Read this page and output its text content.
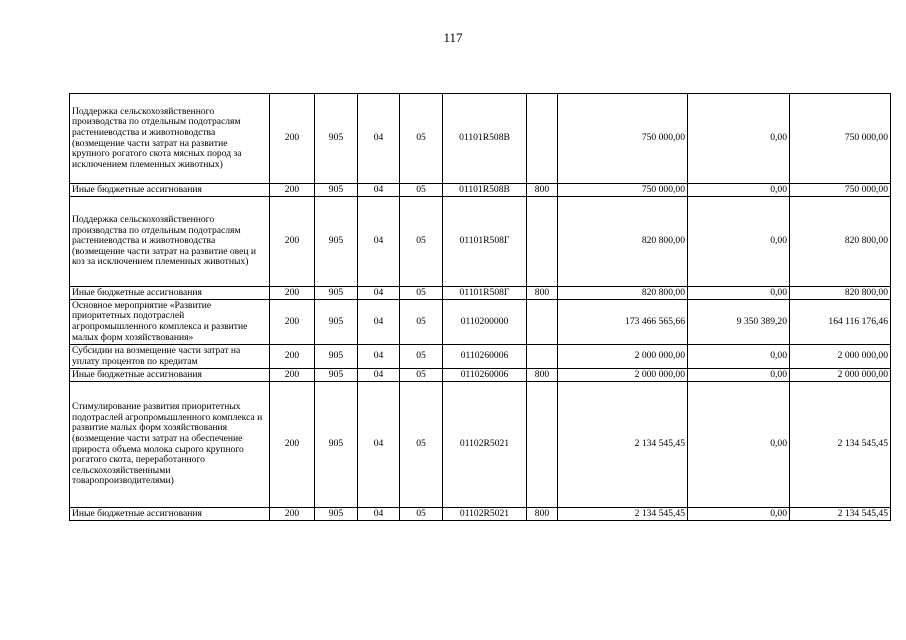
117
Поддержка сельскохозяйственного производства по отдельным подотраслям растениеводства и животноводства (возмещение части затрат на развитие крупного рогатого скота мясных пород за исключением племенных животных)	200	905	04	05	01101R508В		750 000,00	0,00	750 000,00
Иные бюджетные ассигнования	200	905	04	05	01101R508В	800	750 000,00	0,00	750 000,00
Поддержка сельскохозяйственного производства по отдельным подотраслям растениеводства и животноводства (возмещение части затрат на развитие овец и коз за исключением племенных животных)	200	905	04	05	01101R508Г		820 800,00	0,00	820 800,00
Иные бюджетные ассигнования	200	905	04	05	01101R508Г	800	820 800,00	0,00	820 800,00
Основное мероприятие «Развитие приоритетных подотраслей агропромышленного комплекса и развитие малых форм хозяйствования»	200	905	04	05	0110200000		173 466 565,66	9 350 389,20	164 116 176,46
Субсидии на возмещение части затрат на уплату процентов по кредитам	200	905	04	05	0110260006		2 000 000,00	0,00	2 000 000,00
Иные бюджетные ассигнования	200	905	04	05	0110260006	800	2 000 000,00	0,00	2 000 000,00
Стимулирование развития приоритетных подотраслей агропромышленного комплекса и развитие малых форм хозяйствования (возмещение части затрат на обеспечение прироста объема молока сырого крупного рогатого скота, переработанного сельскохозяйственными товаропроизводителями)	200	905	04	05	01102R5021		2 134 545,45	0,00	2 134 545,45
Иные бюджетные ассигнования	200	905	04	05	01102R5021	800	2 134 545,45	0,00	2 134 545,45
